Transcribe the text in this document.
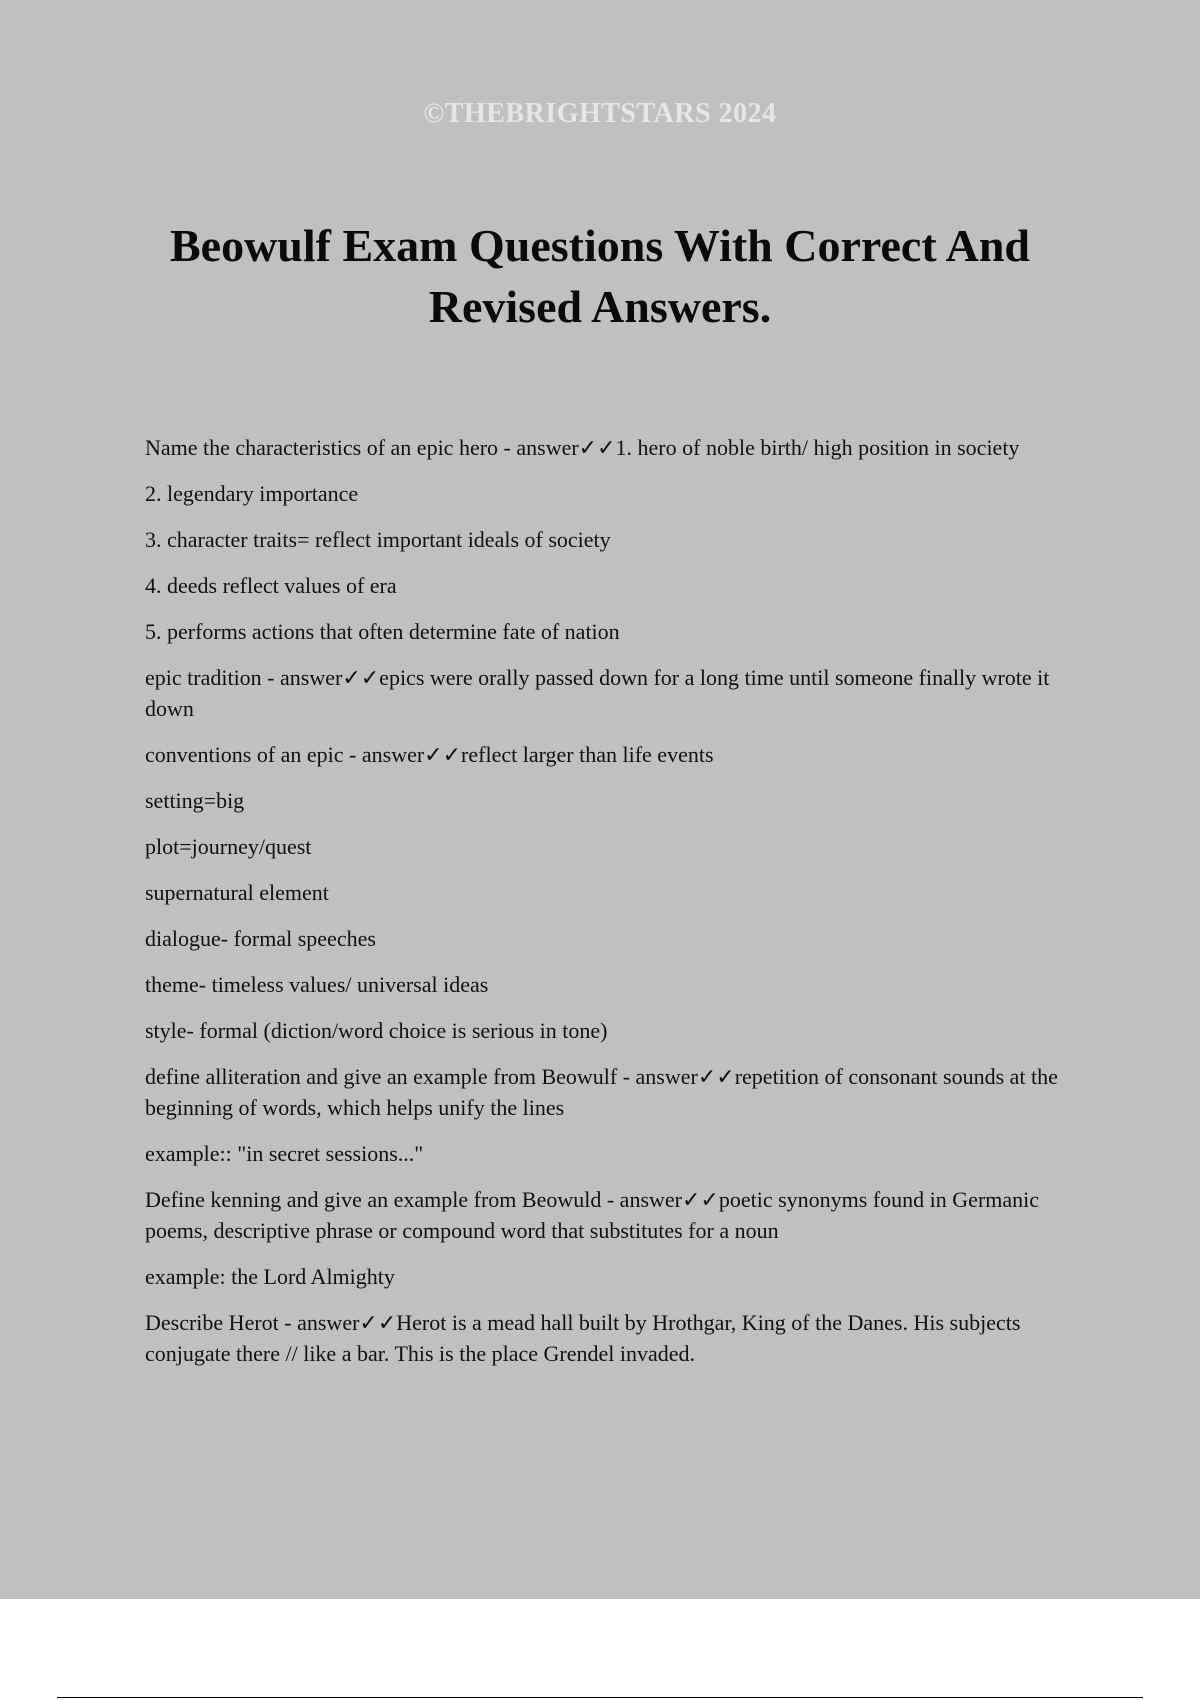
©THEBRIGHTSTARS 2024
Beowulf Exam Questions With Correct And Revised Answers.

Name the characteristics of an epic hero - answer✓✓1. hero of noble birth/ high position in society

2. legendary importance

3. character traits= reflect important ideals of society

4. deeds reflect values of era

5. performs actions that often determine fate of nation

epic tradition - answer✓✓epics were orally passed down for a long time until someone finally wrote it down

conventions of an epic - answer✓✓reflect larger than life events

setting=big

plot=journey/quest

supernatural element

dialogue- formal speeches

theme- timeless values/ universal ideas

style- formal (diction/word choice is serious in tone)

define alliteration and give an example from Beowulf - answer✓✓repetition of consonant sounds at the beginning of words, which helps unify the lines

example:: "in secret sessions..."

Define kenning and give an example from Beowuld - answer✓✓poetic synonyms found in Germanic poems, descriptive phrase or compound word that substitutes for a noun

example: the Lord Almighty

Describe Herot - answer✓✓Herot is a mead hall built by Hrothgar, King of the Danes. His subjects conjugate there // like a bar. This is the place Grendel invaded.
